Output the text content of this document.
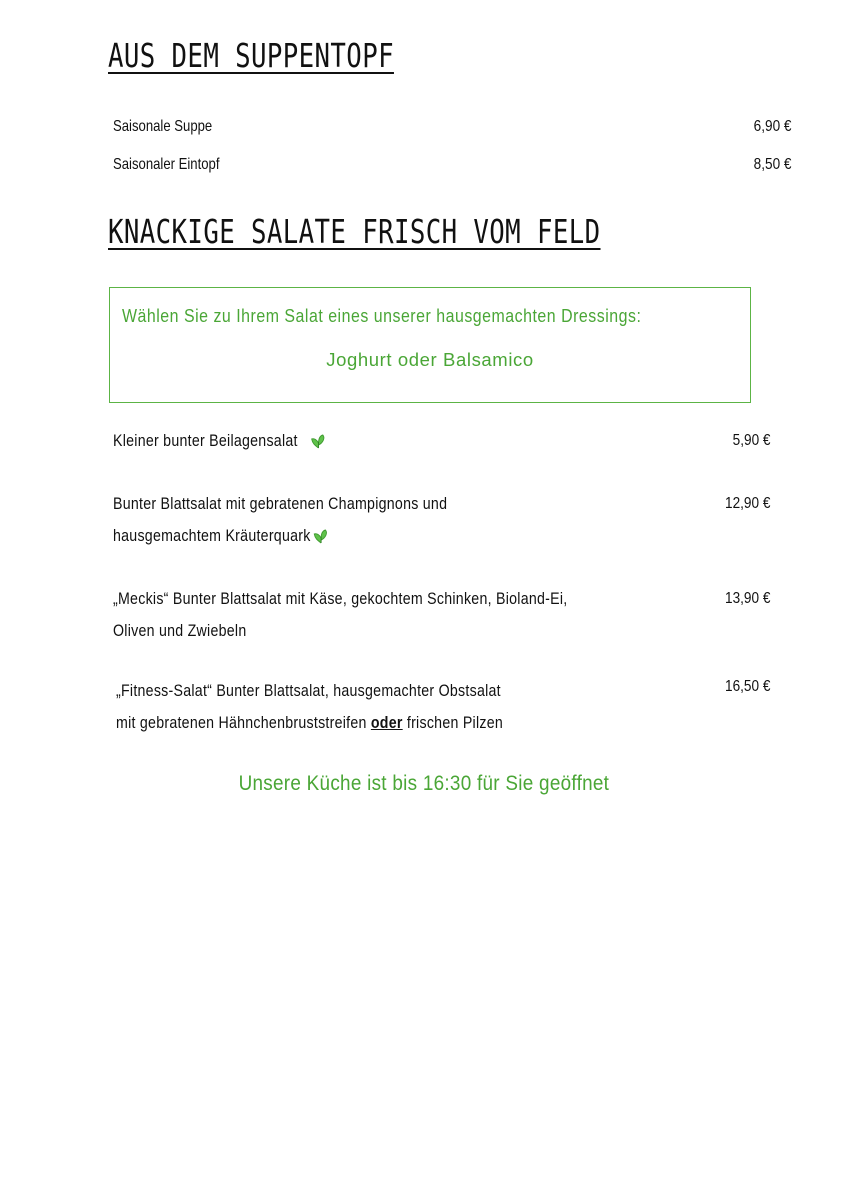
AUS DEM SUPPENTOPF
Saisonale Suppe	6,90 €
Saisonaler Eintopf	8,50 €
KNACKIGE SALATE FRISCH VOM FELD
Wählen Sie zu Ihrem Salat eines unserer hausgemachten Dressings:
Joghurt oder Balsamico
Kleiner bunter Beilagensalat	5,90 €
Bunter Blattsalat mit gebratenen Champignons und
hausgemachtem Kräuterquark
12,90 €
„Meckis“ Bunter Blattsalat mit Käse, gekochtem Schinken, Bioland-Ei,
Oliven und Zwiebeln
13,90 €
„Fitness-Salat“ Bunter Blattsalat, hausgemachter Obstsalat
mit gebratenen Hähnchenbruststreifen oder frischen Pilzen
16,50 €
Unsere Küche ist bis 16:30 für Sie geöffnet
